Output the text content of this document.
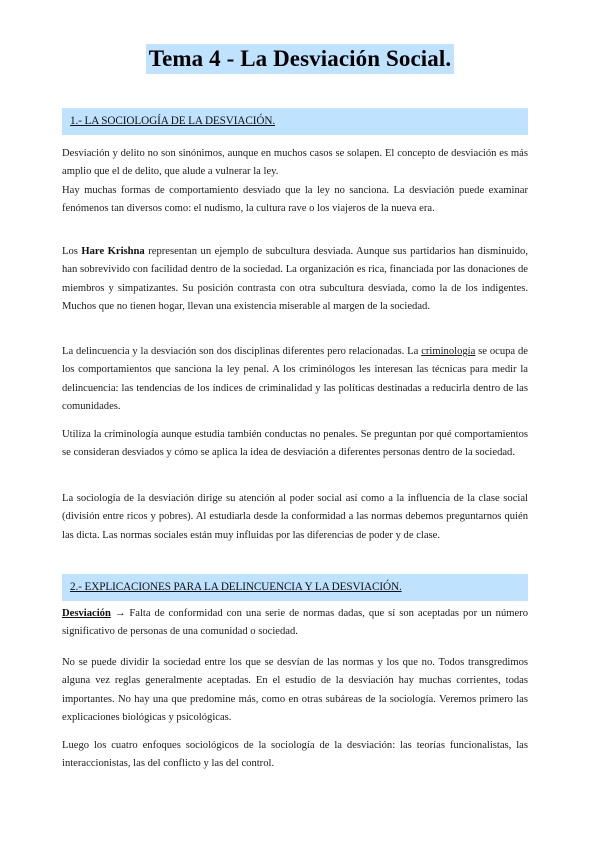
Tema 4 - La Desviación Social.
1.- LA SOCIOLOGÍA DE LA DESVIACIÓN.

Desviación y delito no son sinónimos, aunque en muchos casos se solapen. El concepto de desviación es más amplio que el de delito, que alude a vulnerar la ley.
Hay muchas formas de comportamiento desviado que la ley no sanciona. La desviación puede examinar fenómenos tan diversos como: el nudismo, la cultura rave o los viajeros de la nueva era.

Los Hare Krishna representan un ejemplo de subcultura desviada. Aunque sus partidarios han disminuido, han sobrevivido con facilidad dentro de la sociedad. La organización es rica, financiada por las donaciones de miembros y simpatizantes. Su posición contrasta con otra subcultura desviada, como la de los indigentes. Muchos que no tienen hogar, llevan una existencia miserable al margen de la sociedad.

La delincuencia y la desviación son dos disciplinas diferentes pero relacionadas. La criminología se ocupa de los comportamientos que sanciona la ley penal. A los criminólogos les interesan las técnicas para medir la delincuencia: las tendencias de los índices de criminalidad y las políticas destinadas a reducirla dentro de las comunidades.

Utiliza la criminología aunque estudia también conductas no penales. Se preguntan por qué comportamientos se consideran desviados y cómo se aplica la idea de desviación a diferentes personas dentro de la sociedad.

La sociología de la desviación dirige su atención al poder social así como a la influencia de la clase social (división entre ricos y pobres). Al estudiarla desde la conformidad a las normas debemos preguntarnos quién las dicta. Las normas sociales están muy influidas por las diferencias de poder y de clase.

2.- EXPLICACIONES PARA LA DELINCUENCIA Y LA DESVIACIÓN.

Desviación → Falta de conformidad con una serie de normas dadas, que sí son aceptadas por un número significativo de personas de una comunidad o sociedad.

No se puede dividir la sociedad entre los que se desvían de las normas y los que no. Todos transgredimos alguna vez reglas generalmente aceptadas. En el estudio de la desviación hay muchas corrientes, todas importantes. No hay una que predomine más, como en otras subáreas de la sociología. Veremos primero las explicaciones biológicas y psicológicas.

Luego los cuatro enfoques sociológicos de la sociología de la desviación: las teorías funcionalistas, las interaccionistas, las del conflicto y las del control.
